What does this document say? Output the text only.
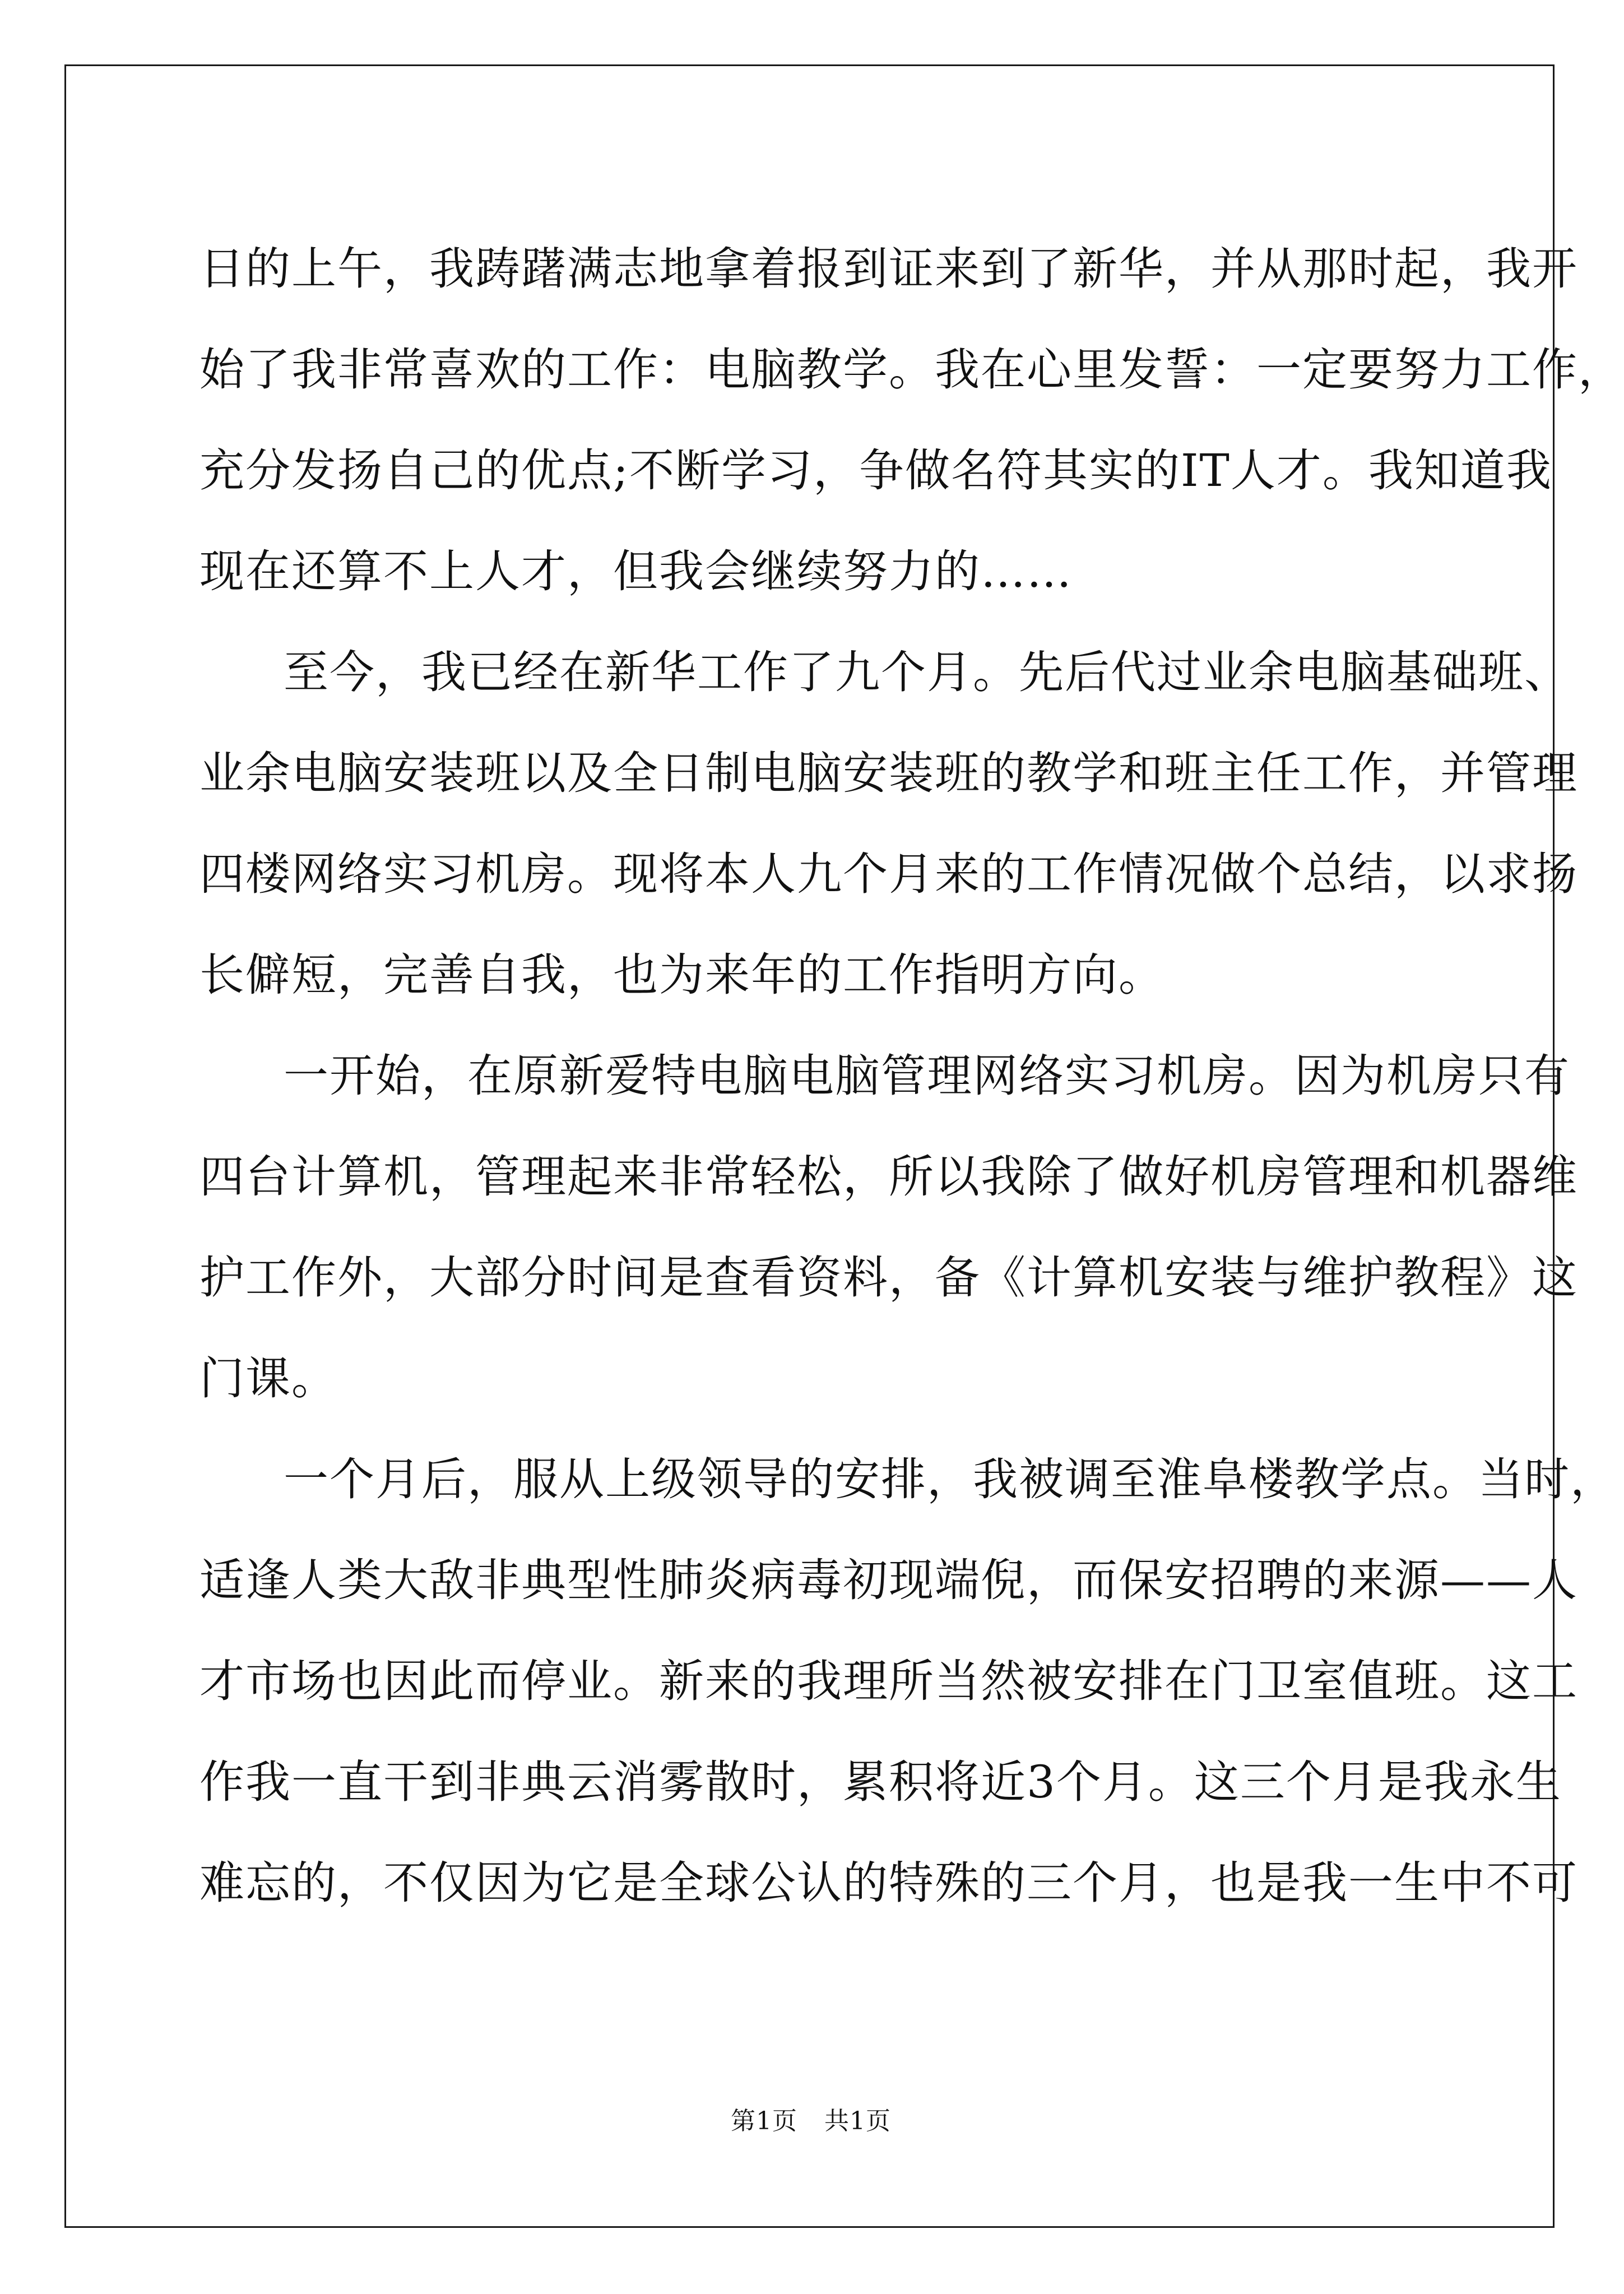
日的上午，我踌躇满志地拿着报到证来到了新华，并从那时起，我开
始了我非常喜欢的工作：电脑教学。我在心里发誓：一定要努力工作，
充分发扬自己的优点;不断学习，争做名符其实的IT人才。我知道我
现在还算不上人才，但我会继续努力的……
至今，我已经在新华工作了九个月。先后代过业余电脑基础班、
业余电脑安装班以及全日制电脑安装班的教学和班主任工作，并管理
四楼网络实习机房。现将本人九个月来的工作情况做个总结，以求扬
长僻短，完善自我，也为来年的工作指明方向。
一开始，在原新爱特电脑电脑管理网络实习机房。因为机房只有
四台计算机，管理起来非常轻松，所以我除了做好机房管理和机器维
护工作外，大部分时间是查看资料，备《计算机安装与维护教程》这
门课。
一个月后，服从上级领导的安排，我被调至淮阜楼教学点。当时，
适逢人类大敌非典型性肺炎病毒初现端倪，而保安招聘的来源——人
才市场也因此而停业。新来的我理所当然被安排在门卫室值班。这工
作我一直干到非典云消雾散时，累积将近3个月。这三个月是我永生
难忘的，不仅因为它是全球公认的特殊的三个月，也是我一生中不可
第1页 共1页
